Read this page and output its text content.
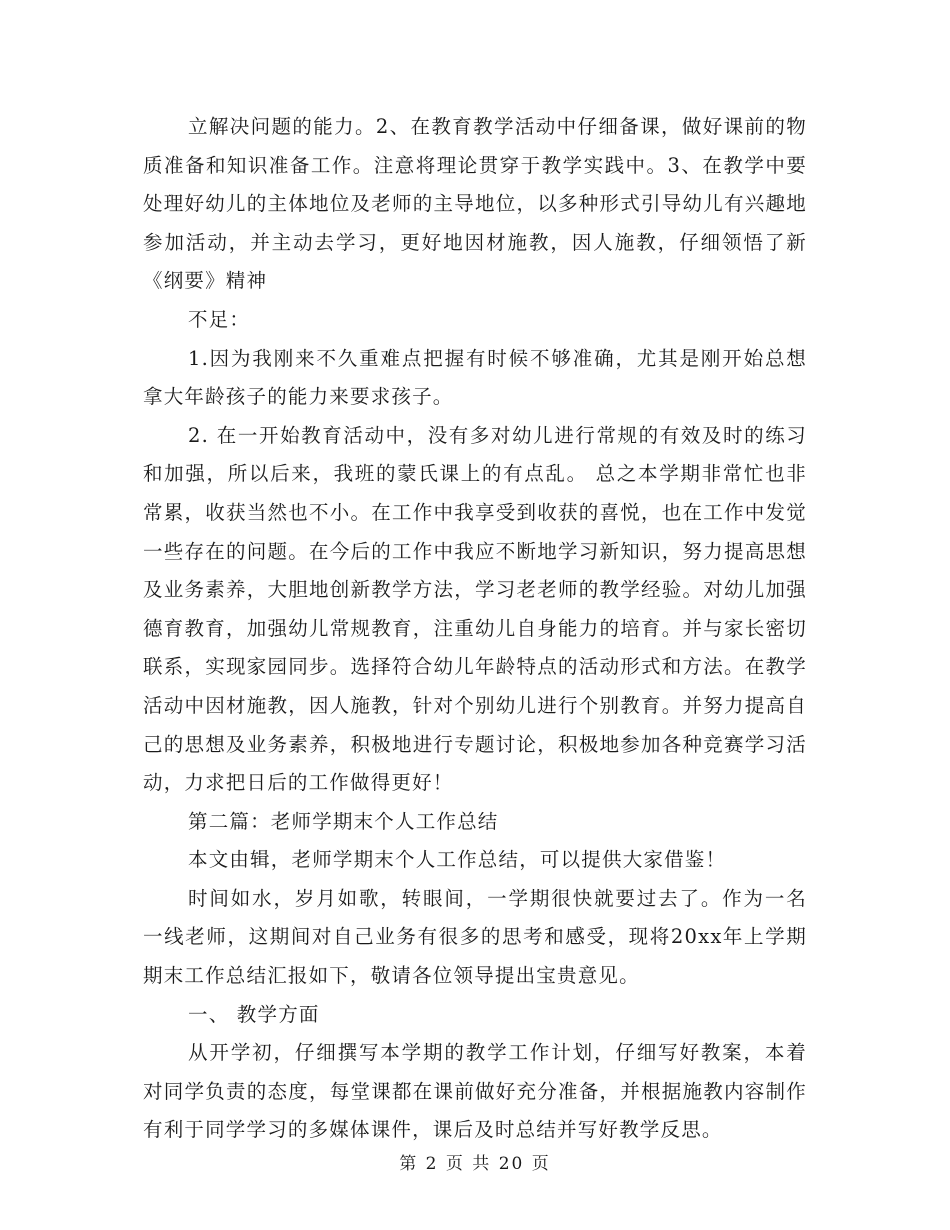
立解决问题的能力。2、在教育教学活动中仔细备课，做好课前的物质准备和知识准备工作。注意将理论贯穿于教学实践中。3、在教学中要处理好幼儿的主体地位及老师的主导地位，以多种形式引导幼儿有兴趣地参加活动，并主动去学习，更好地因材施教，因人施教，仔细领悟了新《纲要》精神

不足：

1.因为我刚来不久重难点把握有时候不够准确，尤其是刚开始总想拿大年龄孩子的能力来要求孩子。

2. 在一开始教育活动中，没有多对幼儿进行常规的有效及时的练习和加强，所以后来，我班的蒙氏课上的有点乱。 总之本学期非常忙也非常累，收获当然也不小。在工作中我享受到收获的喜悦，也在工作中发觉一些存在的问题。在今后的工作中我应不断地学习新知识，努力提高思想及业务素养，大胆地创新教学方法，学习老老师的教学经验。对幼儿加强德育教育，加强幼儿常规教育，注重幼儿自身能力的培育。并与家长密切联系，实现家园同步。选择符合幼儿年龄特点的活动形式和方法。在教学活动中因材施教，因人施教，针对个别幼儿进行个别教育。并努力提高自己的思想及业务素养，积极地进行专题讨论，积极地参加各种竞赛学习活动，力求把日后的工作做得更好！

第二篇：老师学期末个人工作总结

本文由辑，老师学期末个人工作总结，可以提供大家借鉴！

时间如水，岁月如歌，转眼间，一学期很快就要过去了。作为一名一线老师，这期间对自己业务有很多的思考和感受，现将20xx年上学期期末工作总结汇报如下，敬请各位领导提出宝贵意见。

一、 教学方面

从开学初，仔细撰写本学期的教学工作计划，仔细写好教案，本着对同学负责的态度，每堂课都在课前做好充分准备，并根据施教内容制作有利于同学学习的多媒体课件，课后及时总结并写好教学反思。

第 2 页 共 20 页
